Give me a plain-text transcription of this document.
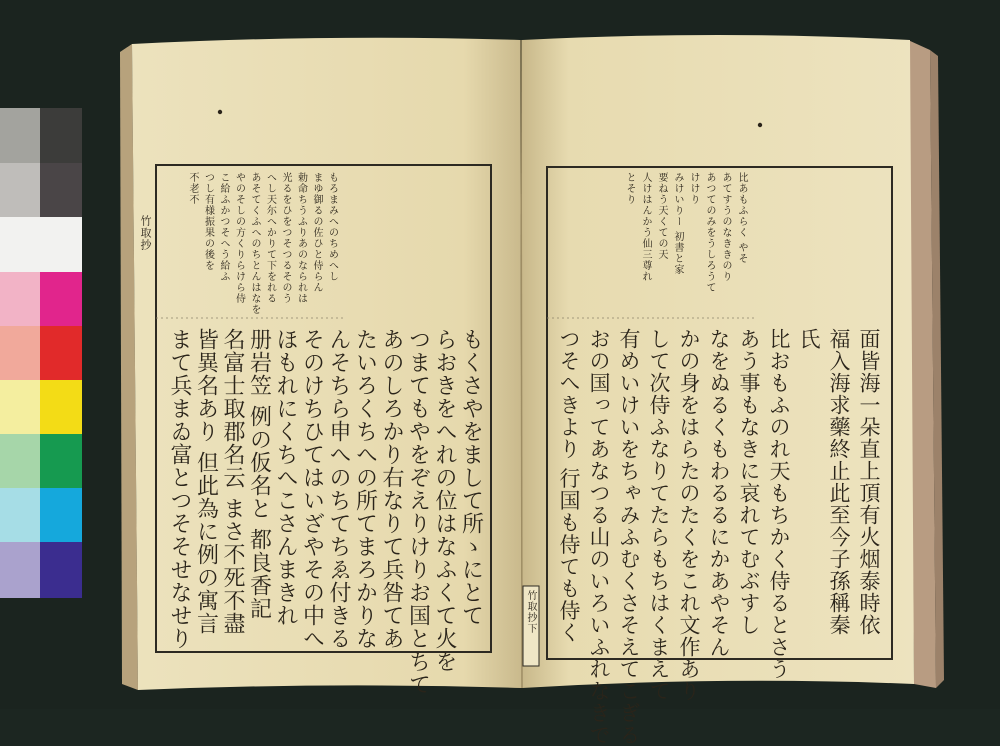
竹取抄	もろまみへのちめへし
まゆ御るの佐ひと侍らん
勅命ちうふりあのなられは
光るをひをつそつるそのう
へし天尓へかりて下をれる
あそてくふへのちとんはなを
やのそしの方くりらけら侍
こ給ふかつそへう給ふ
つし有様振果の後を
不老不
もくさやをまして所ゝにとて
らおきをへれの位はなふくて火を
つまてもやをぞえりけりお国とちて
あのしろかり右なりて兵咎てあ
たいろくちへの所てまろかりな
んそちら申へのちてちゑ付きる
そのけちひてはいざやその中へ
ほもれにくちへこさんまきれ
册岩笠 例の仮名と 都良香記
名富士取郡名云 まさ不死不盡
皆異名あり 但此為に例の寓言
まて兵まゐ富とつそそせなせり	竹取抄下
比あもふらく やそ
あてすうのなききのり
あつてのみをうしろうて
けけり
みけいりー 初書と家
要ねう天くての天
人けはんかう仙三尊れ
とそり
面皆海一朵直上頂有火烟泰時依
福入海求藥終止此至今子孫稱秦
氏
比おもふのれ天もちかく侍るとさう
あう事もなきに哀れてむぶすし
なをぬるくもわるるにかあやそん
かの身をはらたのたくをこれ文作あり
して次侍ふなりてたらもちはくまえて
有めいけいをちゃみふむくさそえてこぎる
おの国ってあなつる山のいろいふれなきで
つそへきより 行国も侍ても侍く
